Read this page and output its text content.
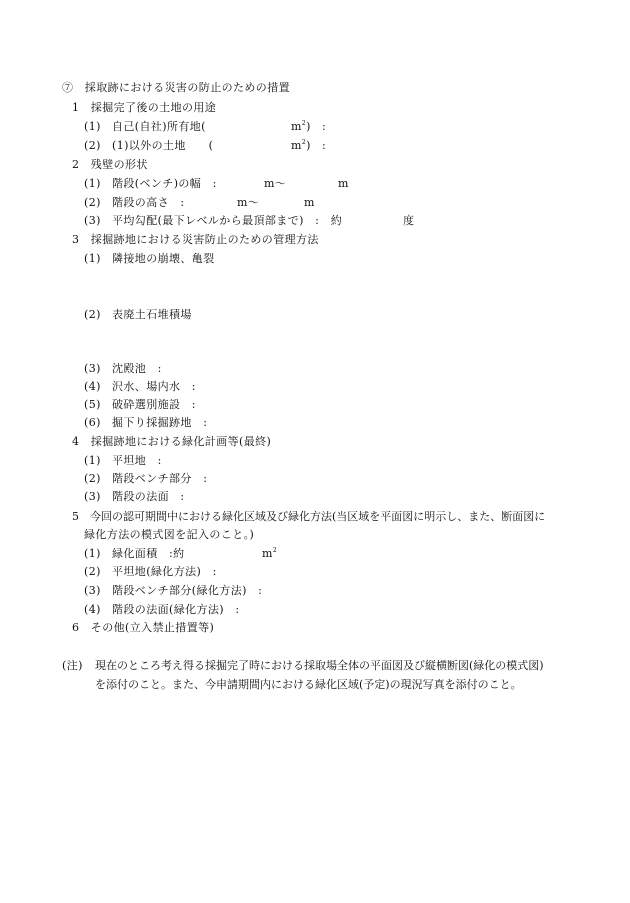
⑦　採取跡における災害の防止のための措置
1　採掘完了後の土地の用途
(1) 自己(自社)所有地(	$m^2$) :
(2) (1)以外の土地　　(	$m^2$) :
2　残壁の形状
(1) 階段(ベンチ)の幅　:	m〜	m
(2) 階段の高さ　:	m〜	m
(3) 平均勾配(最下レベルから最頂部まで)　:　約	度
3　採掘跡地における災害防止のための管理方法
(1) 隣接地の崩壊、亀裂
(2) 表廃土石堆積場
(3) 沈殿池　:
(4) 沢水、場内水　:
(5) 破砕選別施設　:
(6) 掘下り採掘跡地　:
4　採掘跡地における緑化計画等(最終)
(1) 平坦地　:
(2) 階段ベンチ部分　:
(3) 階段の法面　:
5　今回の認可期間中における緑化区域及び緑化方法(当区域を平面図に明示し、また、断面図に
緑化方法の模式図を記入のこと。)
(1) 緑化面積　:約	$m^2$
(2) 平坦地(緑化方法)　:
(3) 階段ベンチ部分(緑化方法)　:
(4) 階段の法面(緑化方法)　:
6　その他(立入禁止措置等)
(注) 現在のところ考え得る採掘完了時における採取場全体の平面図及び縦横断図(緑化の模式図)
を添付のこと。また、今申請期間内における緑化区域(予定)の現況写真を添付のこと。
